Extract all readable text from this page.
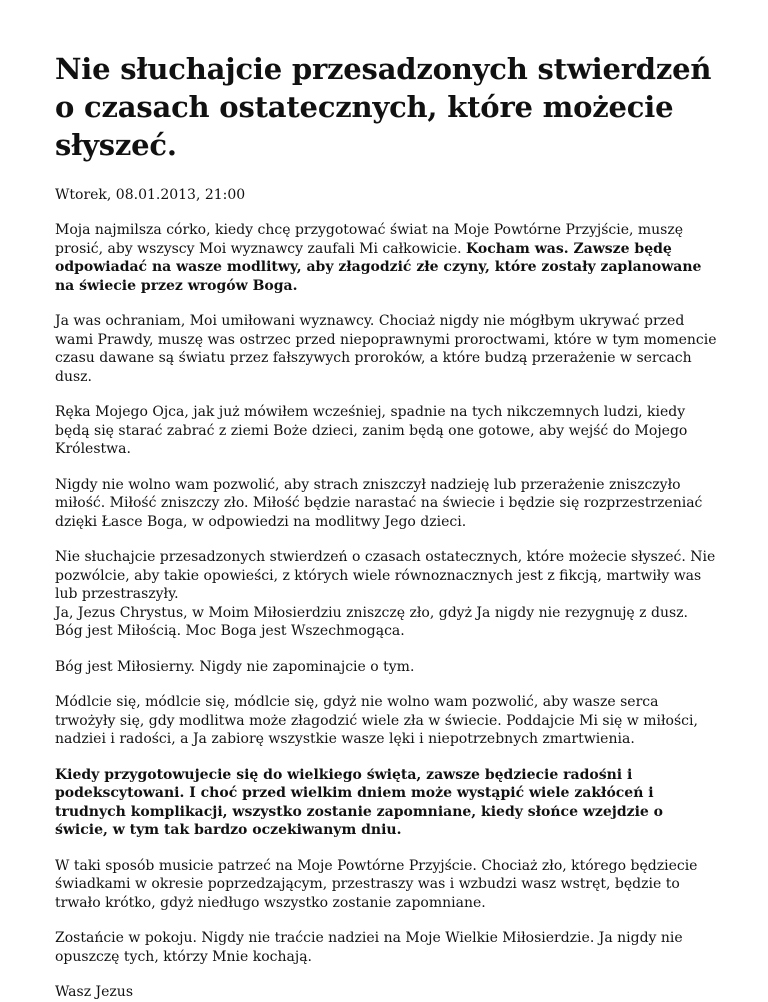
Nie słuchajcie przesadzonych stwierdzeń o czasach ostatecznych, które możecie słyszeć.
Wtorek, 08.01.2013, 21:00

Moja najmilsza córko, kiedy chcę przygotować świat na Moje Powtórne Przyjście, muszę prosić, aby wszyscy Moi wyznawcy zaufali Mi całkowicie. Kocham was. Zawsze będę odpowiadać na wasze modlitwy, aby złagodzić złe czyny, które zostały zaplanowane na świecie przez wrogów Boga.

Ja was ochraniam, Moi umiłowani wyznawcy. Chociaż nigdy nie mógłbym ukrywać przed wami Prawdy, muszę was ostrzec przed niepoprawnymi proroctwami, które w tym momencie czasu dawane są światu przez fałszywych proroków, a które budzą przerażenie w sercach dusz.

Ręka Mojego Ojca, jak już mówiłem wcześniej, spadnie na tych nikczemnych ludzi, kiedy będą się starać zabrać z ziemi Boże dzieci, zanim będą one gotowe, aby wejść do Mojego Królestwa.

Nigdy nie wolno wam pozwolić, aby strach zniszczył nadzieję lub przerażenie zniszczyło miłość. Miłość zniszczy zło. Miłość będzie narastać na świecie i będzie się rozprzestrzeniać dzięki Łasce Boga, w odpowiedzi na modlitwy Jego dzieci.

Nie słuchajcie przesadzonych stwierdzeń o czasach ostatecznych, które możecie słyszeć. Nie pozwólcie, aby takie opowieści, z których wiele równoznacznych jest z fikcją, martwiły was lub przestraszyły.
Ja, Jezus Chrystus, w Moim Miłosierdziu zniszczę zło, gdyż Ja nigdy nie rezygnuję z dusz. Bóg jest Miłością. Moc Boga jest Wszechmogąca.

Bóg jest Miłosierny. Nigdy nie zapominajcie o tym.

Módlcie się, módlcie się, módlcie się, gdyż nie wolno wam pozwolić, aby wasze serca trwożyły się, gdy modlitwa może złagodzić wiele zła w świecie. Poddajcie Mi się w miłości, nadziei i radości, a Ja zabiorę wszystkie wasze lęki i niepotrzebnych zmartwienia.

Kiedy przygotowujecie się do wielkiego święta, zawsze będziecie radośni i podekscytowani. I choć przed wielkim dniem może wystąpić wiele zakłóceń i trudnych komplikacji, wszystko zostanie zapomniane, kiedy słońce wzejdzie o świcie, w tym tak bardzo oczekiwanym dniu.

W taki sposób musicie patrzeć na Moje Powtórne Przyjście. Chociaż zło, którego będziecie świadkami w okresie poprzedzającym, przestraszy was i wzbudzi wasz wstręt, będzie to trwało krótko, gdyż niedługo wszystko zostanie zapomniane.

Zostańcie w pokoju. Nigdy nie traćcie nadziei na Moje Wielkie Miłosierdzie. Ja nigdy nie opuszczę tych, którzy Mnie kochają.

Wasz Jezus
